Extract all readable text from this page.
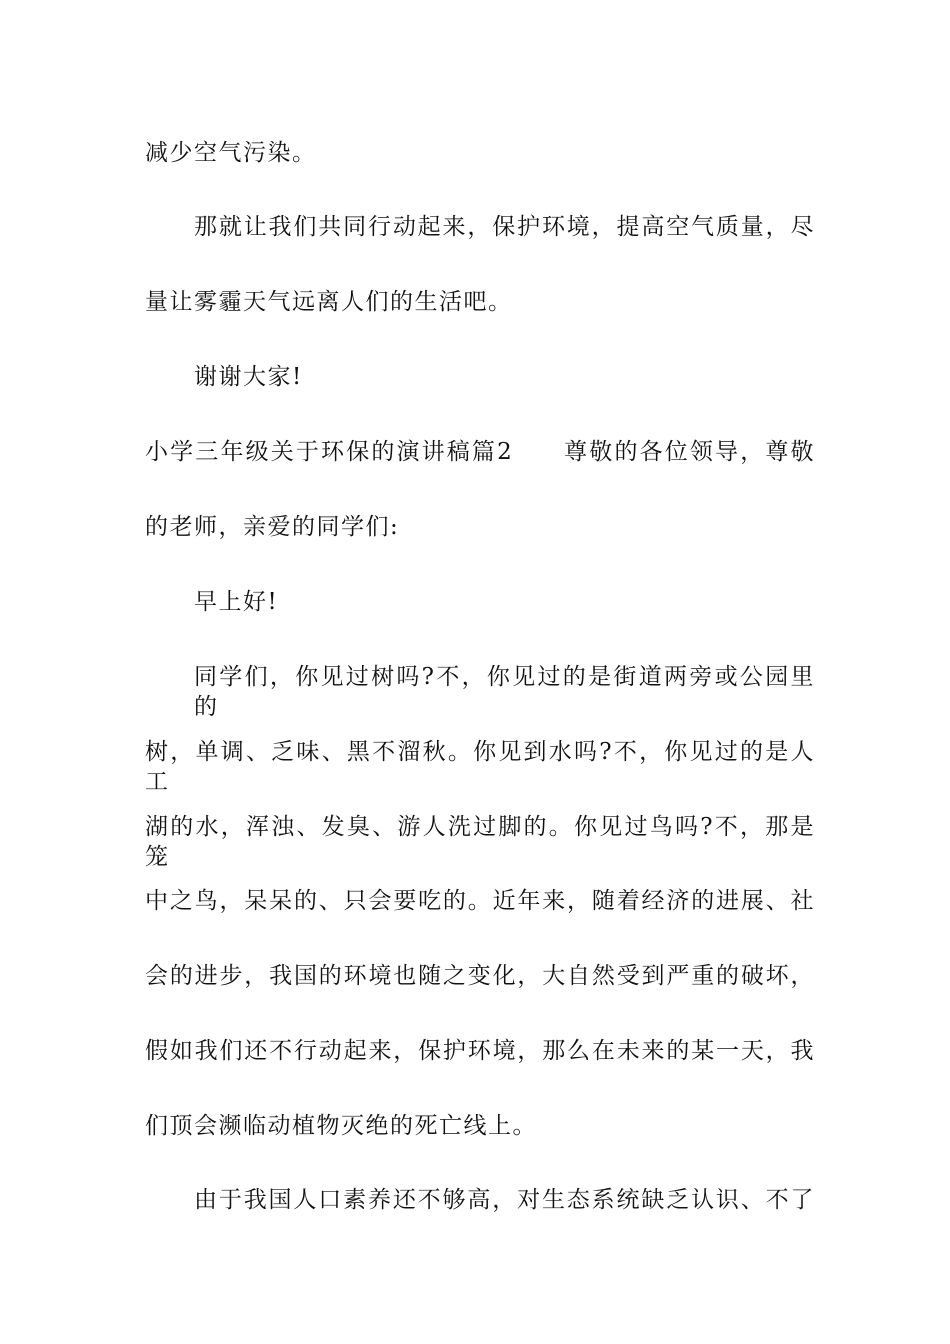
减少空气污染。
那就让我们共同行动起来，保护环境，提高空气质量，尽
量让雾霾天气远离人们的生活吧。
谢谢大家!
小学三年级关于环保的演讲稿篇2　　尊敬的各位领导，尊敬
的老师，亲爱的同学们:
早上好!
同学们，你见过树吗?不，你见过的是街道两旁或公园里的
树，单调、乏味、黑不溜秋。你见到水吗?不，你见过的是人工
湖的水，浑浊、发臭、游人洗过脚的。你见过鸟吗?不，那是笼
中之鸟，呆呆的、只会要吃的。近年来，随着经济的进展、社
会的进步，我国的环境也随之变化，大自然受到严重的破坏，
假如我们还不行动起来，保护环境，那么在未来的某一天，我
们顶会濒临动植物灭绝的死亡线上。
由于我国人口素养还不够高，对生态系统缺乏认识、不了
